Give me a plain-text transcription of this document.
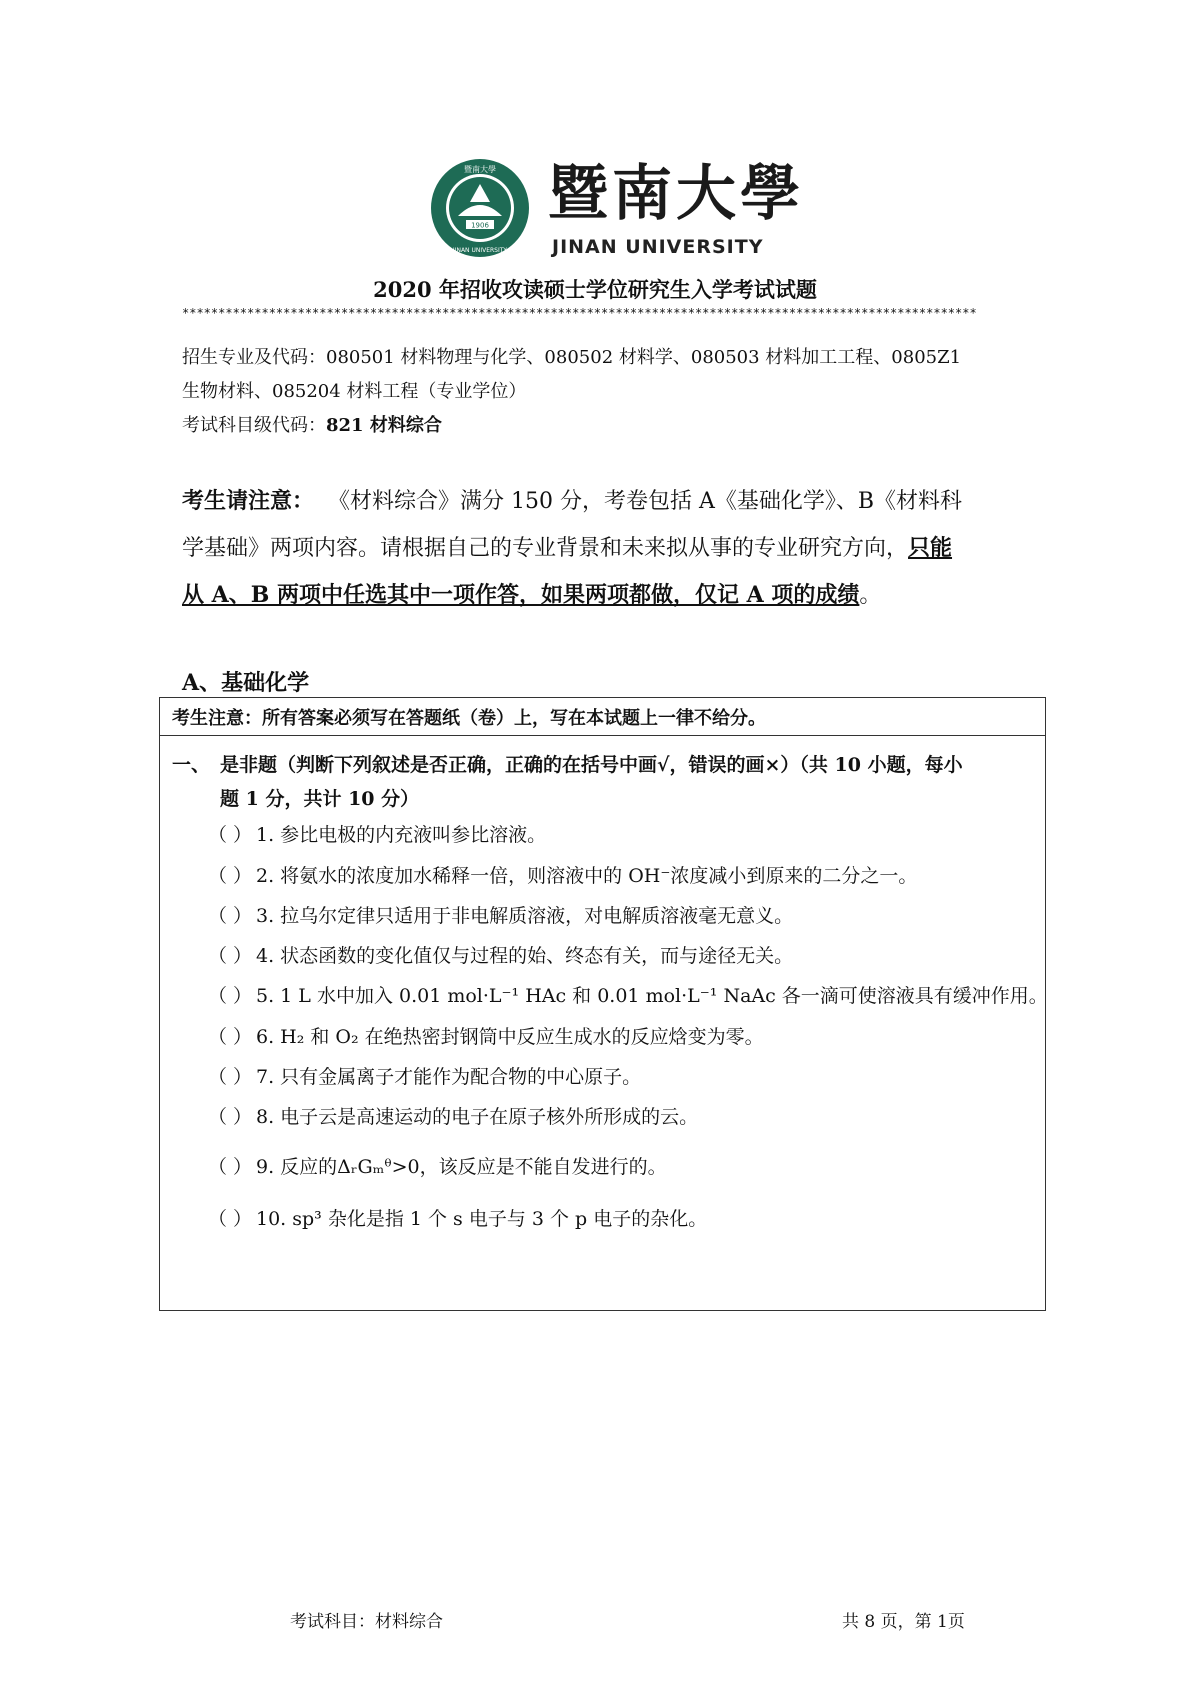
1906
暨南大學
JINAN UNIVERSITY
暨南大學
JINAN UNIVERSITY
2020 年招收攻读硕士学位研究生入学考试试题
**************************************************************************************************************
招生专业及代码：080501 材料物理与化学、080502 材料学、080503 材料加工工程、0805Z1
生物材料、085204 材料工程（专业学位）
考试科目级代码：821 材料综合
考生请注意： 《材料综合》满分 150 分，考卷包括 A《基础化学》、B《材料科
学基础》两项内容。请根据自己的专业背景和未来拟从事的专业研究方向，只能
从 A、B 两项中任选其中一项作答，如果两项都做，仅记 A 项的成绩。
A、基础化学
考生注意：所有答案必须写在答题纸（卷）上，写在本试题上一律不给分。
一、 是非题（判断下列叙述是否正确，正确的在括号中画√，错误的画×）（共 10 小题，每小
题 1 分，共计 10 分）
（ ） 1. 参比电极的内充液叫参比溶液。
（ ） 2. 将氨水的浓度加水稀释一倍，则溶液中的 OH⁻浓度减小到原来的二分之一。
（ ） 3. 拉乌尔定律只适用于非电解质溶液，对电解质溶液毫无意义。
（ ） 4. 状态函数的变化值仅与过程的始、终态有关，而与途径无关。
（ ） 5. 1 L 水中加入 0.01 mol·L⁻¹ HAc 和 0.01 mol·L⁻¹ NaAc 各一滴可使溶液具有缓冲作用。
（ ） 6. H₂ 和 O₂ 在绝热密封钢筒中反应生成水的反应焓变为零。
（ ） 7. 只有金属离子才能作为配合物的中心原子。
（ ） 8. 电子云是高速运动的电子在原子核外所形成的云。
（ ） 9. 反应的ΔᵣGₘᶿ>0，该反应是不能自发进行的。
（ ） 10. sp³ 杂化是指 1 个 s 电子与 3 个 p 电子的杂化。
考试科目：材料综合	共 8 页，第 1页
